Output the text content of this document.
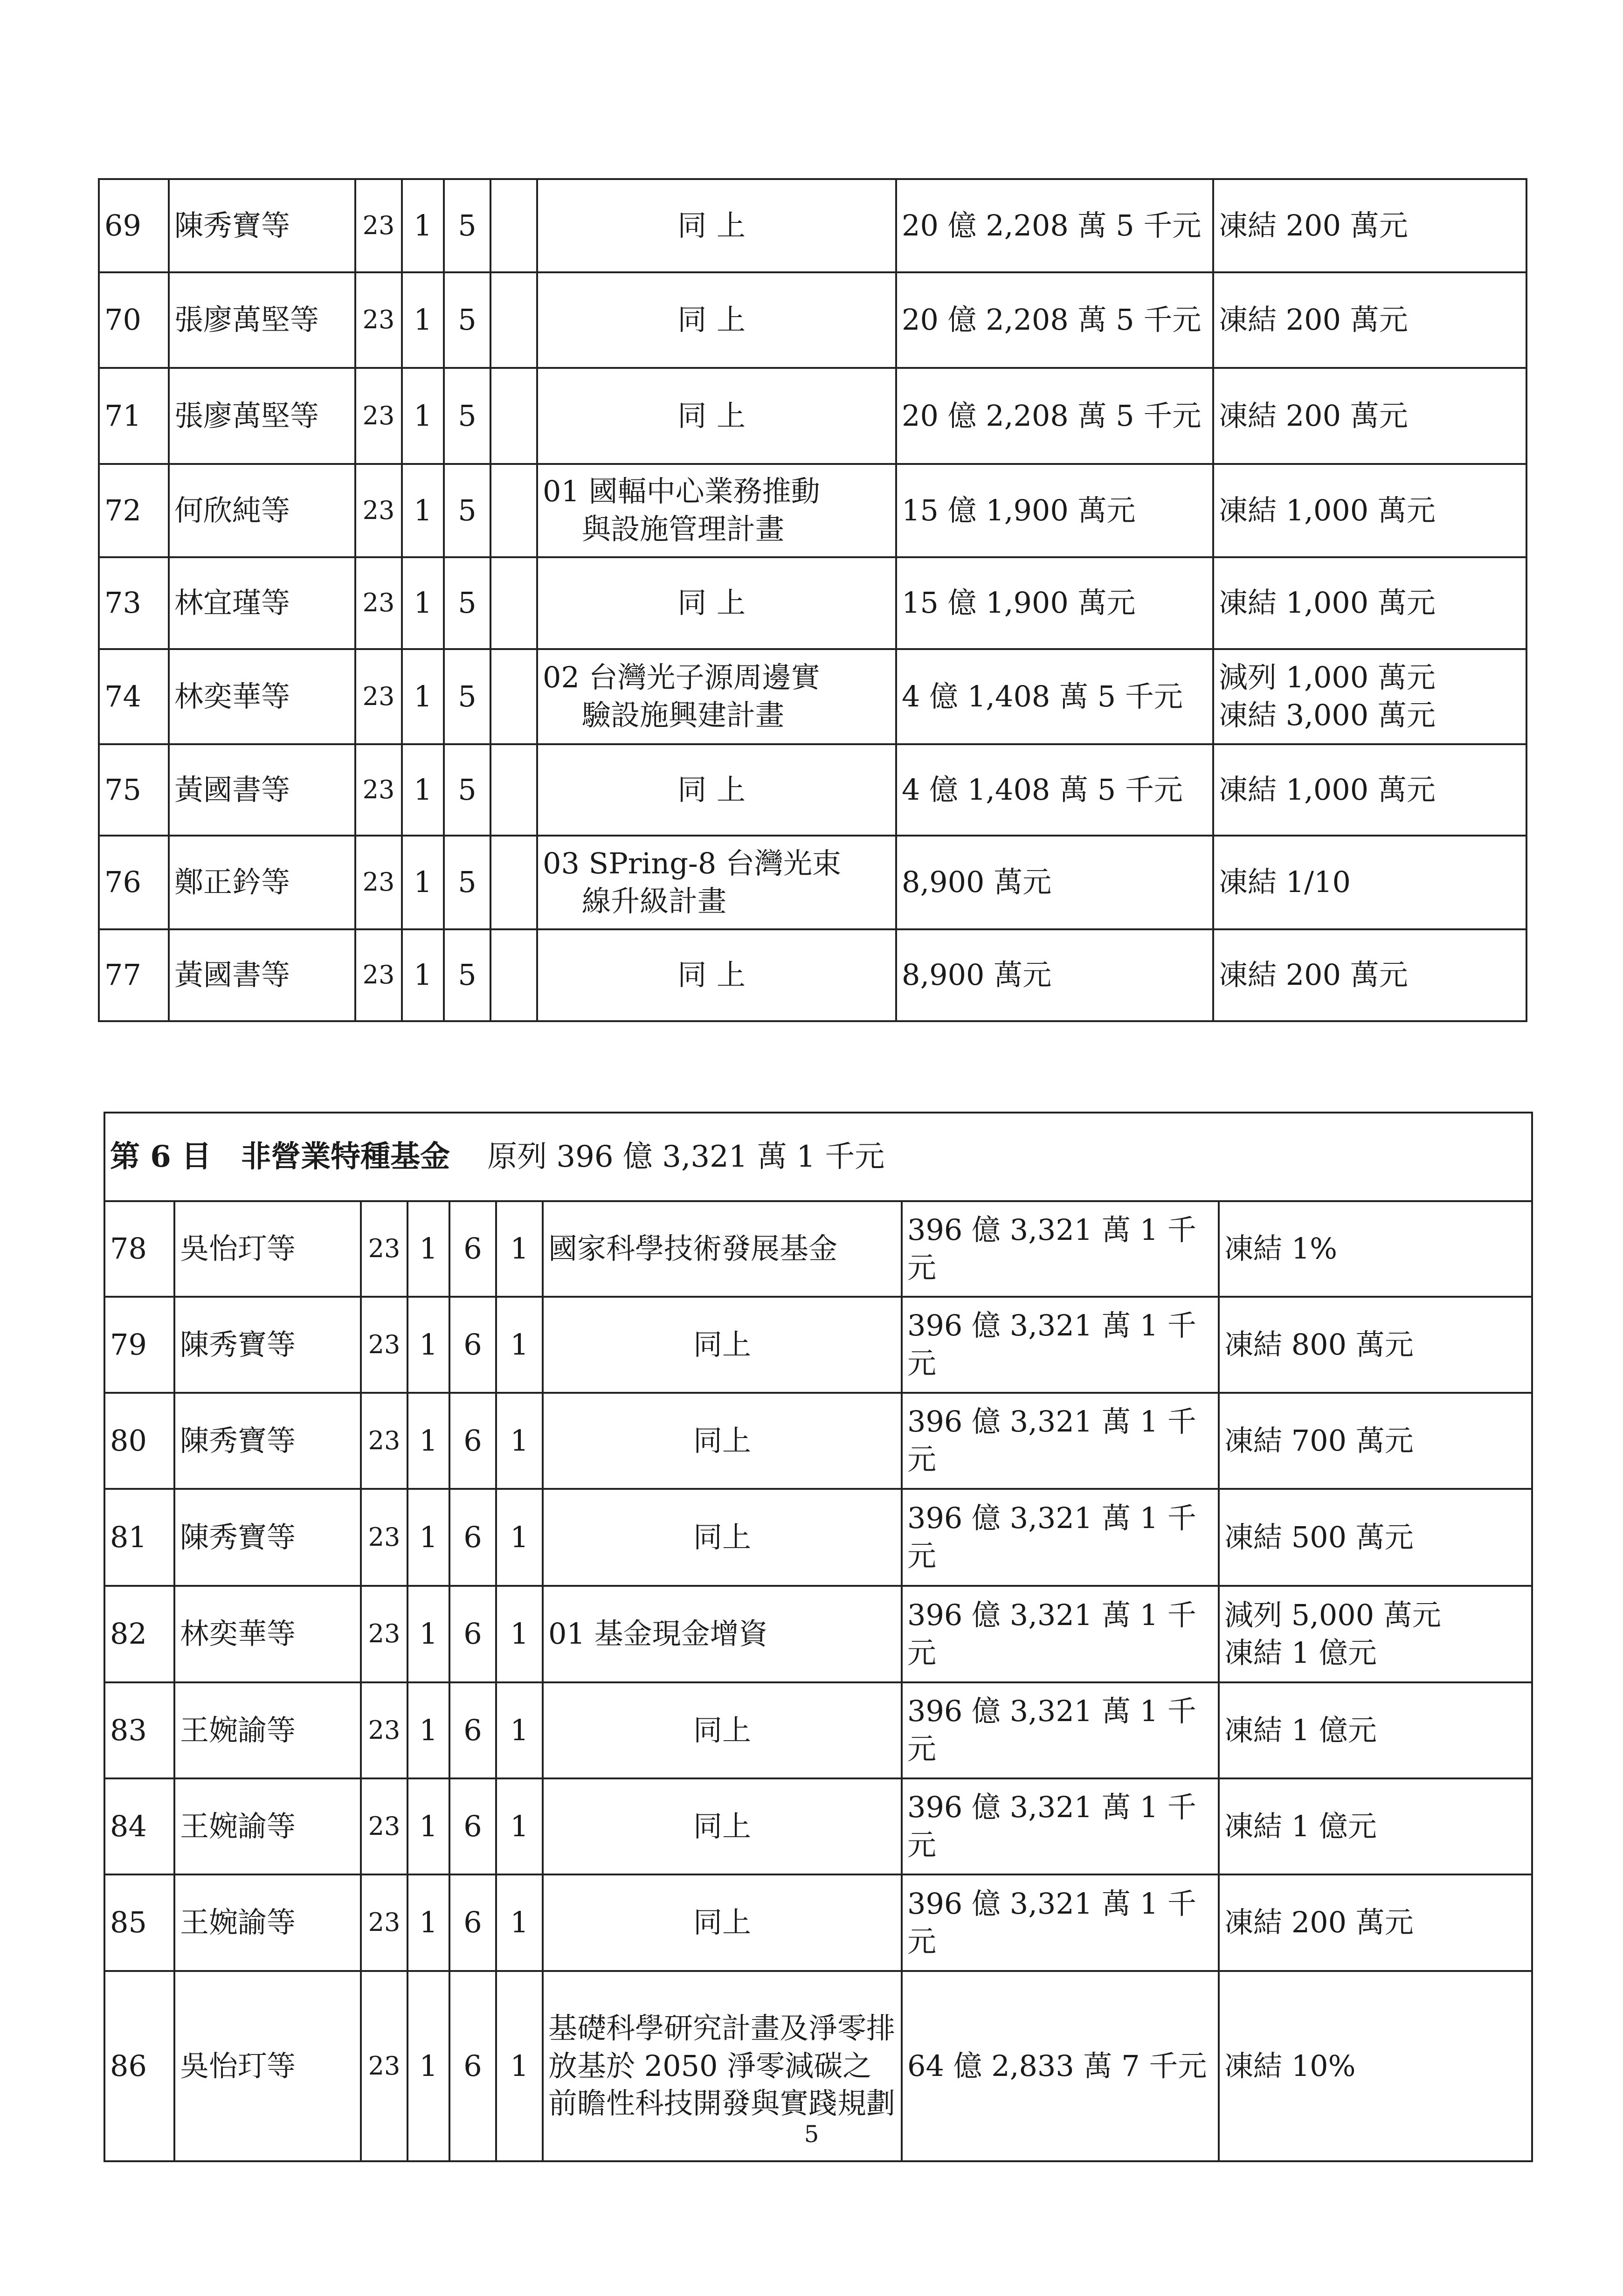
69	陳秀寶等	23	1	5		同上	20 億 2,208 萬 5 千元	凍結 200 萬元

70	張廖萬堅等	23	1	5		同上	20 億 2,208 萬 5 千元	凍結 200 萬元

71	張廖萬堅等	23	1	5		同上	20 億 2,208 萬 5 千元	凍結 200 萬元

72	何欣純等	23	1	5		01 國輻中心業務推動
與設施管理計畫	15 億 1,900 萬元	凍結 1,000 萬元

73	林宜瑾等	23	1	5		同上	15 億 1,900 萬元	凍結 1,000 萬元

74	林奕華等	23	1	5		02 台灣光子源周邊實
驗設施興建計畫	4 億 1,408 萬 5 千元	減列 1,000 萬元
凍結 3,000 萬元

75	黃國書等	23	1	5		同上	4 億 1,408 萬 5 千元	凍結 1,000 萬元

76	鄭正鈐等	23	1	5		03 SPring-8 台灣光束
線升級計畫	8,900 萬元	凍結 1/10

77	黃國書等	23	1	5		同上	8,900 萬元	凍結 200 萬元
第 6 目　非營業特種基金 原列 396 億 3,321 萬 1 千元								
78	吳怡玎等	23	1	6	1	國家科學技術發展基金	396 億 3,321 萬 1 千元	凍結 1%

79	陳秀寶等	23	1	6	1	同上	396 億 3,321 萬 1 千元	凍結 800 萬元

80	陳秀寶等	23	1	6	1	同上	396 億 3,321 萬 1 千元	凍結 700 萬元

81	陳秀寶等	23	1	6	1	同上	396 億 3,321 萬 1 千元	凍結 500 萬元

82	林奕華等	23	1	6	1	01 基金現金增資	396 億 3,321 萬 1 千元	減列 5,000 萬元
凍結 1 億元

83	王婉諭等	23	1	6	1	同上	396 億 3,321 萬 1 千元	凍結 1 億元

84	王婉諭等	23	1	6	1	同上	396 億 3,321 萬 1 千元	凍結 1 億元

85	王婉諭等	23	1	6	1	同上	396 億 3,321 萬 1 千元	凍結 200 萬元

86	吳怡玎等	23	1	6	1	基礎科學研究計畫及淨零排放基於 2050 淨零減碳之前瞻性科技開發與實踐規劃	64 億 2,833 萬 7 千元	凍結 10%
5
